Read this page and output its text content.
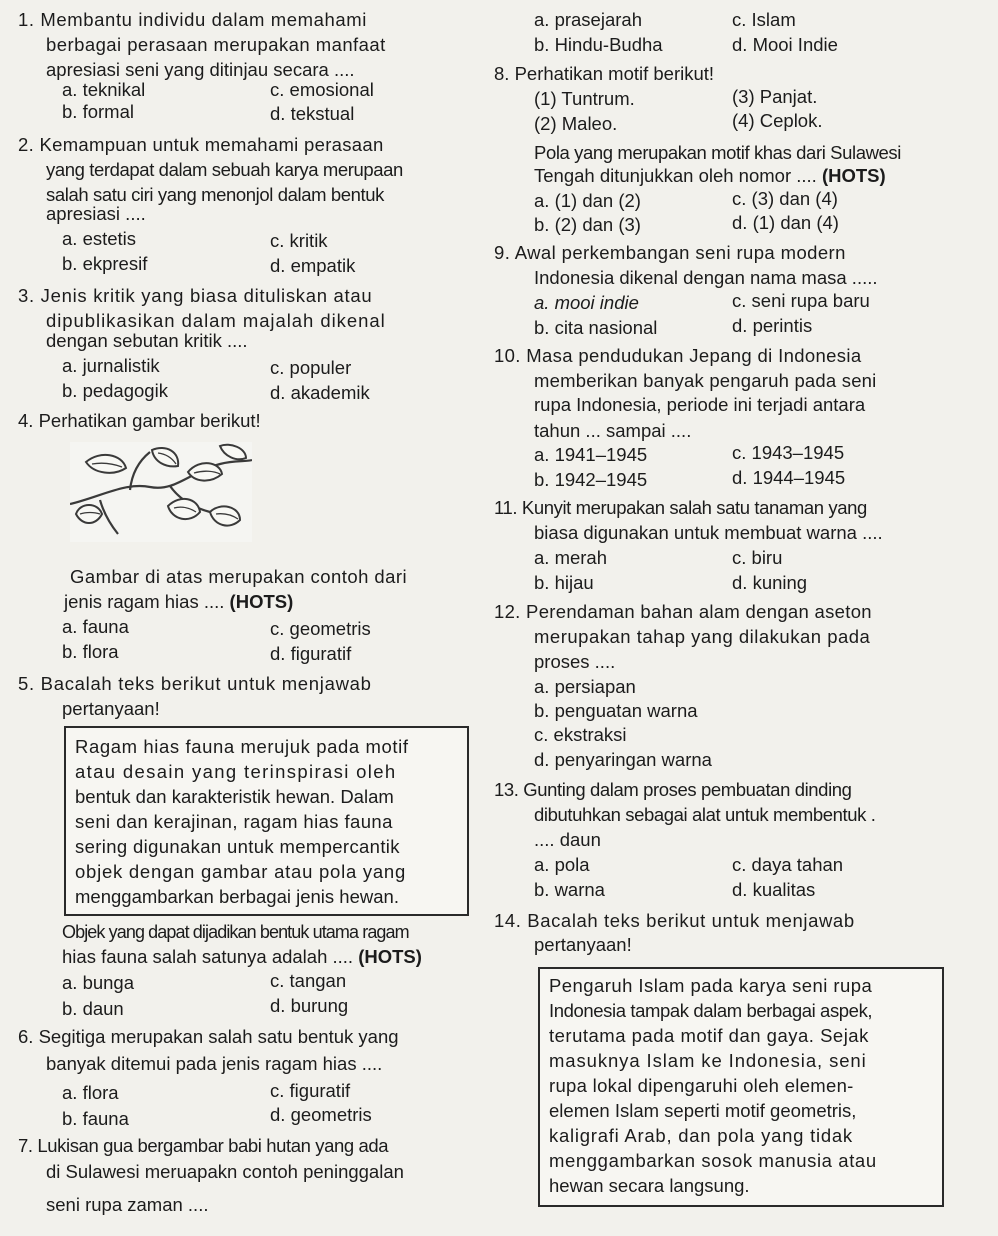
1. Membantu individu dalam memahami
berbagai perasaan merupakan manfaat
apresiasi seni yang ditinjau secara ....
a. teknikal	c. emosional
b. formal	d. tekstual
2. Kemampuan untuk memahami perasaan
yang terdapat dalam sebuah karya merupaan
salah satu ciri yang menonjol dalam bentuk
apresiasi ....
a. estetis	c. kritik
b. ekpresif	d. empatik
3. Jenis kritik yang biasa dituliskan atau
dipublikasikan dalam majalah dikenal
dengan sebutan kritik ....
a. jurnalistik	c. populer
b. pedagogik	d. akademik
4. Perhatikan gambar berikut!
Gambar di atas merupakan contoh dari
jenis ragam hias .... (HOTS)
a. fauna	c. geometris
b. flora	d. figuratif
5. Bacalah teks berikut untuk menjawab
pertanyaan!
Ragam hias fauna merujuk pada motif
atau desain yang terinspirasi oleh
bentuk dan karakteristik hewan. Dalam
seni dan kerajinan, ragam hias fauna
sering digunakan untuk mempercantik
objek dengan gambar atau pola yang
menggambarkan berbagai jenis hewan.
Objek yang dapat dijadikan bentuk utama ragam
hias fauna salah satunya adalah .... (HOTS)
a. bunga	c. tangan
b. daun	d. burung
6. Segitiga merupakan salah satu bentuk yang
banyak ditemui pada jenis ragam hias ....
a. flora	c. figuratif
b. fauna	d. geometris
7. Lukisan gua bergambar babi hutan yang ada
di Sulawesi meruapakn contoh peninggalan
seni rupa zaman ....
a. prasejarah	c. Islam
b. Hindu-Budha	d. Mooi Indie
8. Perhatikan motif berikut!
(1) Tuntrum.	(3) Panjat.
(2) Maleo.	(4) Ceplok.
Pola yang merupakan motif khas dari Sulawesi
Tengah ditunjukkan oleh nomor .... (HOTS)
a. (1) dan (2)	c. (3) dan (4)
b. (2) dan (3)	d. (1) dan (4)
9. Awal perkembangan seni rupa modern
Indonesia dikenal dengan nama masa .....
a. mooi indie	c. seni rupa baru
b. cita nasional	d. perintis
10. Masa pendudukan Jepang di Indonesia
memberikan banyak pengaruh pada seni
rupa Indonesia, periode ini terjadi antara
tahun ... sampai ....
a. 1941–1945	c. 1943–1945
b. 1942–1945	d. 1944–1945
11. Kunyit merupakan salah satu tanaman yang
biasa digunakan untuk membuat warna ....
a. merah	c. biru
b. hijau	d. kuning
12. Perendaman bahan alam dengan aseton
merupakan tahap yang dilakukan pada
proses ....
a. persiapan
b. penguatan warna
c. ekstraksi
d. penyaringan warna
13. Gunting dalam proses pembuatan dinding
dibutuhkan sebagai alat untuk membentuk .
.... daun
a. pola	c. daya tahan
b. warna	d. kualitas
14. Bacalah teks berikut untuk menjawab
pertanyaan!
Pengaruh Islam pada karya seni rupa
Indonesia tampak dalam berbagai aspek,
terutama pada motif dan gaya. Sejak
masuknya Islam ke Indonesia, seni
rupa lokal dipengaruhi oleh elemen-
elemen Islam seperti motif geometris,
kaligrafi Arab, dan pola yang tidak
menggambarkan sosok manusia atau
hewan secara langsung.
